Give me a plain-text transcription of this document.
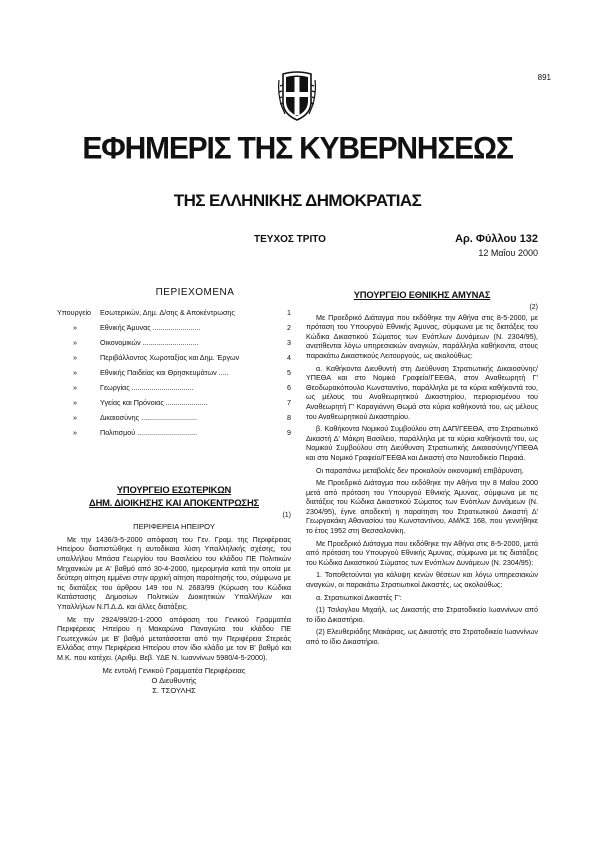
891
ΕΦΗΜΕΡΙΣ ΤΗΣ ΚΥΒΕΡΝΗΣΕΩΣ
ΤΗΣ ΕΛΛΗΝΙΚΗΣ ΔΗΜΟΚΡΑΤΙΑΣ
ΤΕΥΧΟΣ ΤΡΙΤΟ	Αρ. Φύλλου 132
12 Μαΐου 2000
ΠΕΡΙΕΧΟΜΕΝΑ
Υπουργείο	Εσωτερικών, Δημ. Δ/σης & Αποκέντρωσης	1
»	Εθνικής Άμυνας ........................	2
»	Οικονομικών ............................	3
»	Περιβάλλοντος Χωροταξίας και Δημ. Έργων	4
»	Εθνικής Παιδείας και Θρησκευμάτων .....	5
»	Γεωργίας ...............................	6
»	Υγείας και Πρόνοιας .....................	7
»	Δικαιοσύνης ............................	8
»	Πολιτισμού ..............................	9
ΥΠΟΥΡΓΕΙΟ ΕΣΩΤΕΡΙΚΩΝ
ΔΗΜ. ΔΙΟΙΚΗΣΗΣ ΚΑΙ ΑΠΟΚΕΝΤΡΩΣΗΣ
(1)
ΠΕΡΙΦΕΡΕΙΑ ΗΠΕΙΡΟΥ

Με την 1436/3-5-2000 απόφαση του Γεν. Γραμ. της Περιφέρειας Ηπείρου διαπιστώθηκε η αυτοδίκαια λύση Υπαλληλικής σχέσης, του υπαλλήλου Μπάσα Γεωργίου του Βασιλείου του κλάδου ΠΕ Πολιτικών Μηχανικών με Α' βαθμό από 30-4-2000, ημερομηνία κατά την οποία με δεύτερη αίτηση εμμένει στην αρχική αίτηση παραίτησής του, σύμφωνα με τις διατάξεις του άρθρου 149 του Ν. 2683/99 (Κύρωση του Κώδικα Κατάστασης Δημοσίων Πολιτικών Διοικητικών Υπαλλήλων και Υπαλλήλων Ν.Π.Δ.Δ. και άλλες διατάξεις.

Με την 2924/99/20-1-2000 απόφαση του Γενικού Γραμματέα Περιφέρειας Ηπείρου η Μακαρώνα Παναγιώτα του κλάδου ΠΕ Γεωτεχνικών με Β' βαθμό μετατάσσεται από την Περιφέρεια Στερεάς Ελλάδας στην Περιφέρεια Ηπείρου στον ίδιο κλάδο με τον Β' βαθμό και Μ.Κ. που κατέχει. (Αριθμ. Βεβ. ΥΔΕ Ν. Ιωαννίνων 5980/4-5-2000).

Με εντολή Γενικού Γραμματέα Περιφέρειας
Ο Διευθυντής
Σ. ΤΣΟΥΛΗΣ
ΥΠΟΥΡΓΕΙΟ ΕΘΝΙΚΗΣ ΑΜΥΝΑΣ
(2)

Με Προεδρικό Διάταγμα που εκδόθηκε την Αθήνα στις 8-5-2000, με πρόταση του Υπουργού Εθνικής Άμυνας, σύμφωνα με τις διατάξεις του Κώδικα Δικαστικού Σώματος των Ενόπλων Δυνάμεων (Ν. 2304/95), ανατίθενται λόγω υπηρεσιακών αναγκών, παράλληλα καθήκοντα, στους παρακάτω Δικαστικούς Λειτουργούς, ως ακολούθως:

α. Καθήκοντα Διευθυντή στη Διεύθυνση Στρατιωτικής Δικαιοσύνης/ΥΠΕΘΑ και στο Νομικό Γραφείο/ΓΕΕΘΑ, στον Αναθεωρητή Γ' Θεοδωρακόπουλο Κωνσταντίνο, παράλληλα με τα κύρια καθήκοντά του, ως μέλους του Αναθεωρητικού Δικαστηρίου, περιορισμένου του Αναθεωρητή Γ' Καραγιάννη Θωμά στα κύρια καθήκοντά του, ως μέλους του Αναθεωρητικού Δικαστηρίου.

β. Καθήκοντα Νομικού Συμβούλου στη ΔΑΠ/ΓΕΕΘΑ, στο Στρατιωτικό Δικαστή Δ' Μάκρη Βασίλειο, παράλληλα με τα κύρια καθήκοντά του, ως Νομικού Συμβούλου στη Διεύθυνση Στρατιωτικής Δικαιοσύνης/ΥΠΕΘΑ και στο Νομικό Γραφείο/ΓΕΕΘΑ και Δικαστή στο Ναυτοδικείο Πειραιά.

Οι παραπάνω μεταβολές δεν προκαλούν οικονομική επιβάρυνση.

Με Προεδρικό Διάταγμα που εκδόθηκε την Αθήνα την 8 Μαΐου 2000 μετά από πρόταση του Υπουργού Εθνικής Άμυνας, σύμφωνα με τις διατάξεις του Κώδικα Δικαστικού Σώματος των Ενόπλων Δυνάμεων (Ν. 2304/95), έγινε αποδεκτή η παραίτηση του Στρατιωτικού Δικαστή Δ' Γεωργακάκη Αθανασίου του Κωνσταντίνου, ΑΜ/ΚΣ 168, που γεννήθηκε το έτος 1952 στη Θεσσαλονίκη.

Με Προεδρικό Διάταγμα που εκδόθηκε την Αθήνα στις 8-5-2000, μετά από πρόταση του Υπουργού Εθνικής Άμυνας, σύμφωνα με τις διατάξεις του Κώδικα Δικαστικού Σώματος των Ενόπλων Δυνάμεων (Ν. 2304/95):

1. Τοποθετούνται για κάλυψη κενών θέσεων και λόγω υπηρεσιακών αναγκών, οι παρακάτω Στρατιωτικοί Δικαστές, ως ακολούθως:

α. Στρατιωτικοί Δικαστές Γ':

(1) Τσιλογλου Μιχαήλ, ως Δικαστής στο Στρατοδικείο Ιωαννίνων από το ίδιο Δικαστήριο.

(2) Ελευθεριάδης Μακάριος, ως Δικαστής στο Στρατοδικείο Ιωαννίνων από το ίδιο Δικαστήριο.
